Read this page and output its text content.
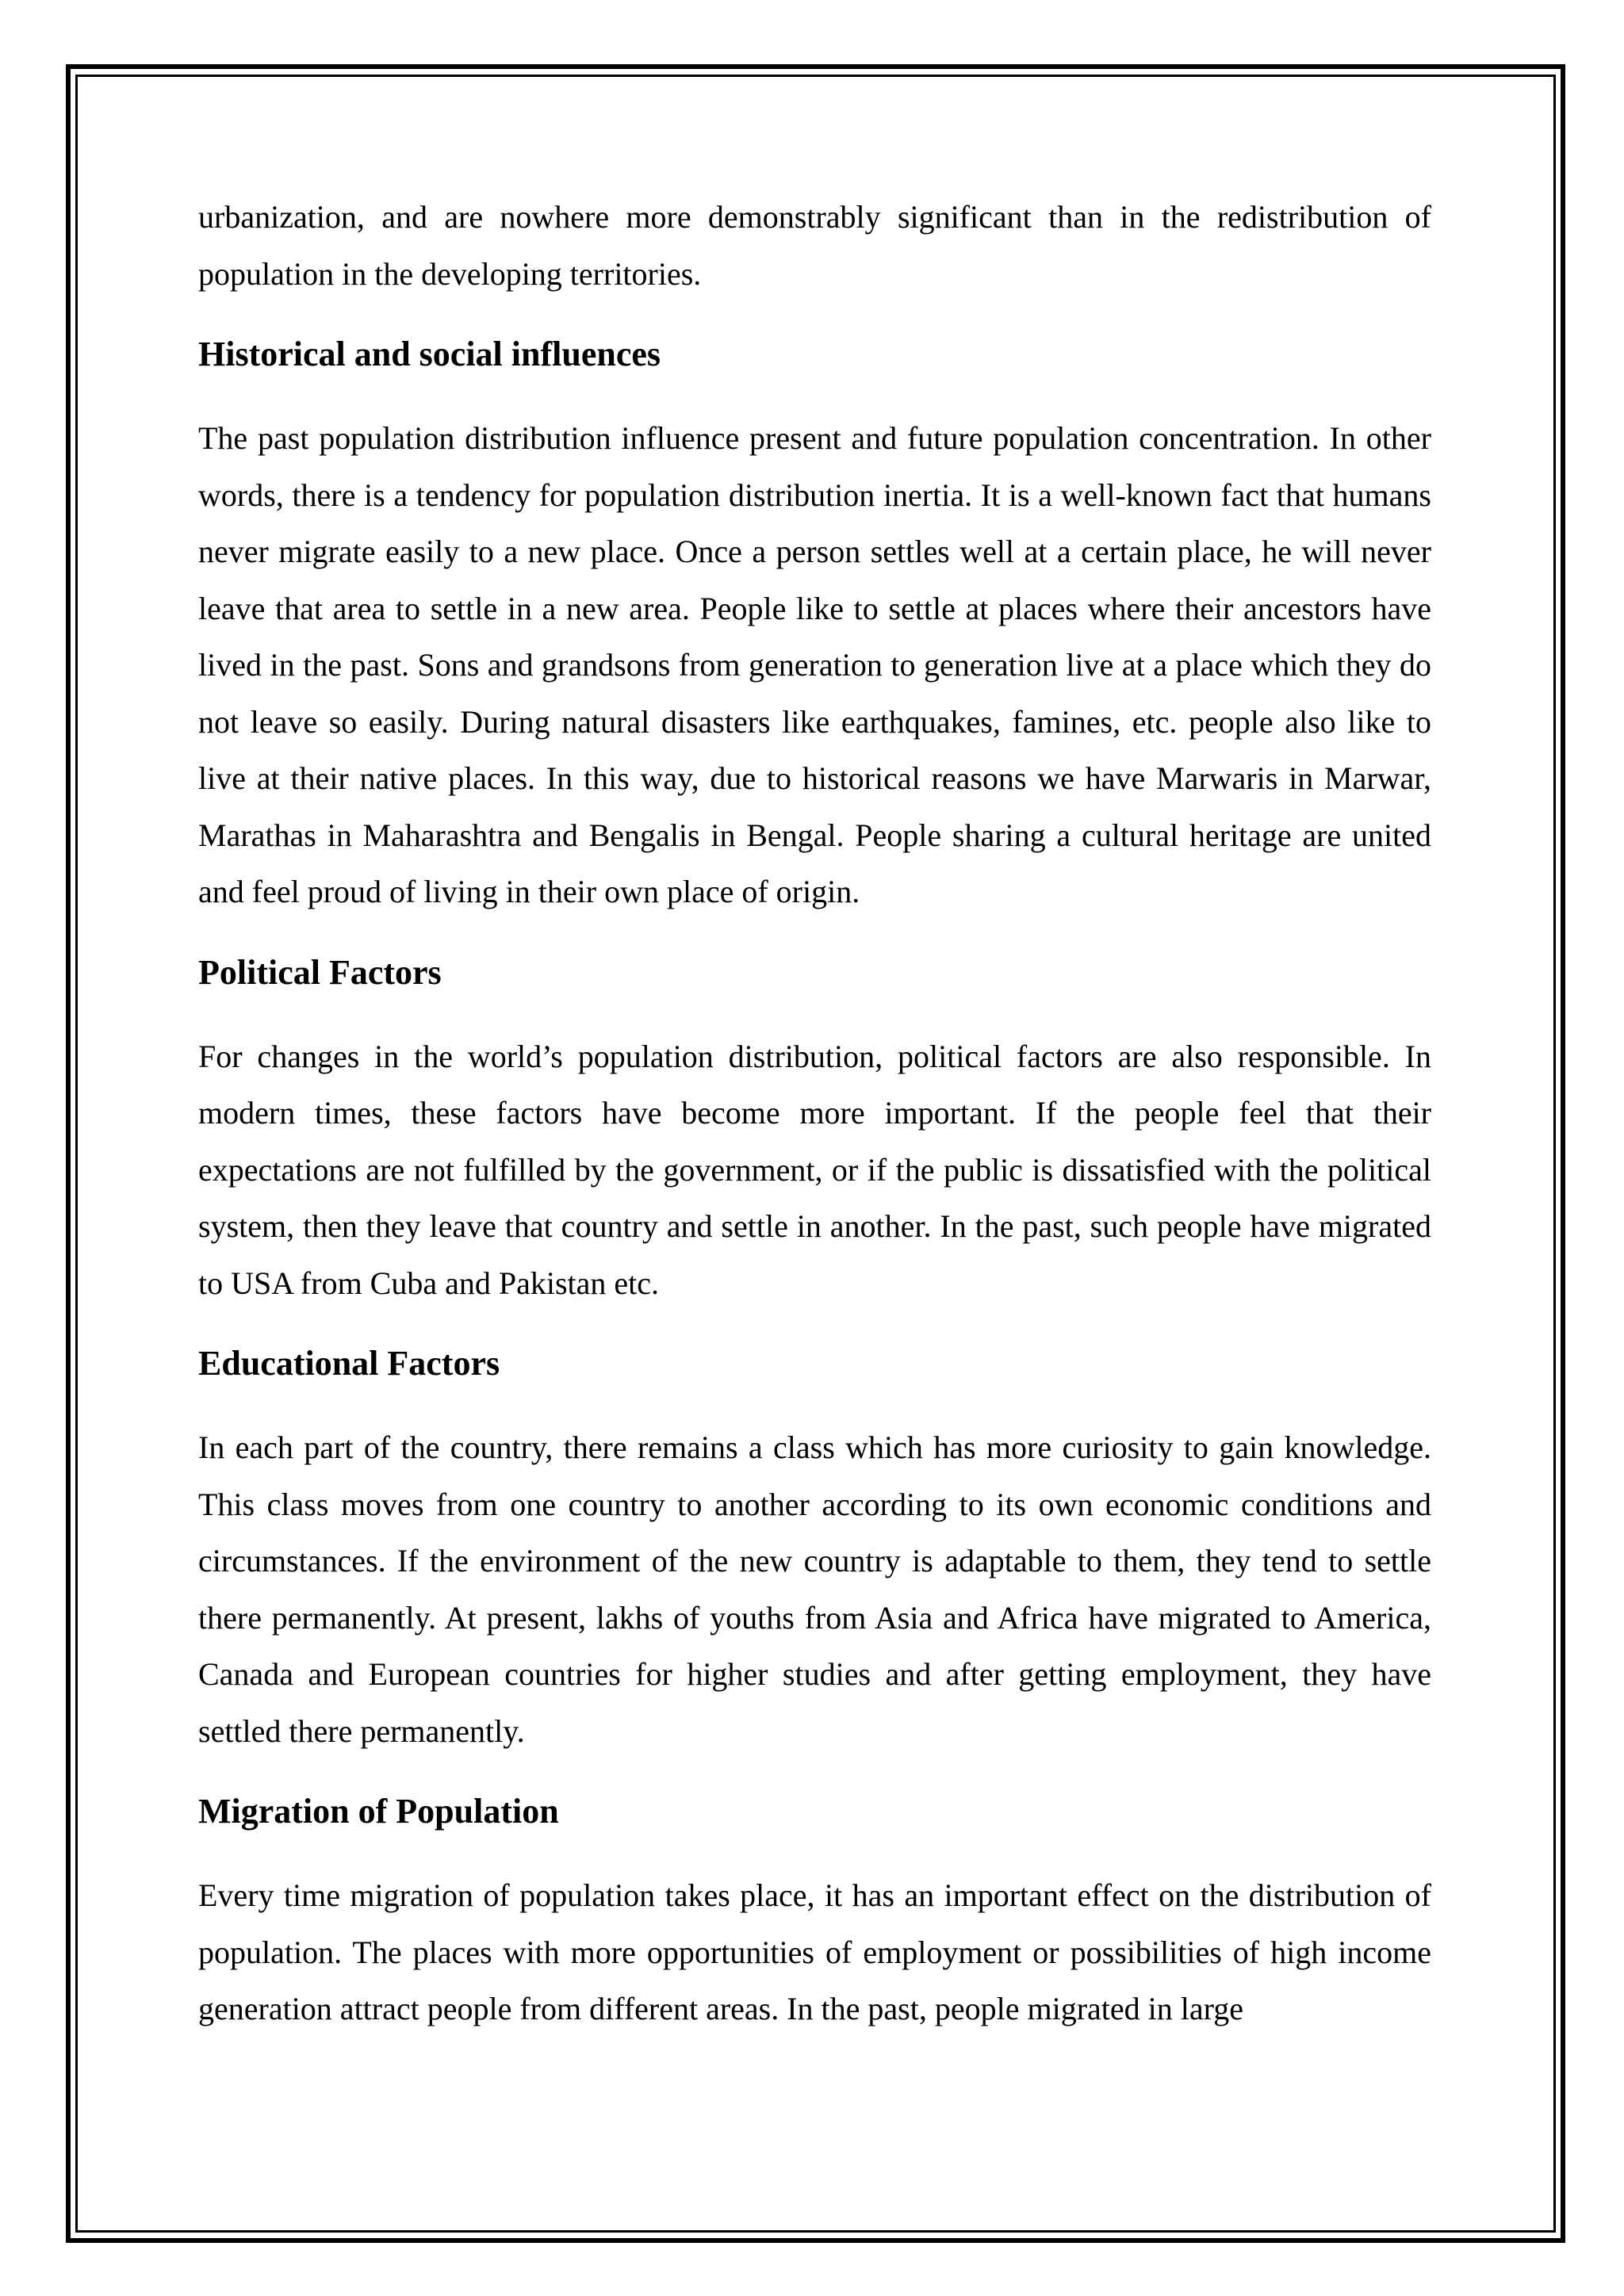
urbanization, and are nowhere more demonstrably significant than in the redistribution of population in the developing territories.

Historical and social influences

The past population distribution influence present and future population concentration. In other words, there is a tendency for population distribution inertia. It is a well-known fact that humans never migrate easily to a new place. Once a person settles well at a certain place, he will never leave that area to settle in a new area. People like to settle at places where their ancestors have lived in the past. Sons and grandsons from generation to generation live at a place which they do not leave so easily. During natural disasters like earthquakes, famines, etc. people also like to live at their native places. In this way, due to historical reasons we have Marwaris in Marwar, Marathas in Maharashtra and Bengalis in Bengal. People sharing a cultural heritage are united and feel proud of living in their own place of origin.

Political Factors

For changes in the world’s population distribution, political factors are also responsible. In modern times, these factors have become more important. If the people feel that their expectations are not fulfilled by the government, or if the public is dissatisfied with the political system, then they leave that country and settle in another. In the past, such people have migrated to USA from Cuba and Pakistan etc.

Educational Factors

In each part of the country, there remains a class which has more curiosity to gain knowledge. This class moves from one country to another according to its own economic conditions and circumstances. If the environment of the new country is adaptable to them, they tend to settle there permanently. At present, lakhs of youths from Asia and Africa have migrated to America, Canada and European countries for higher studies and after getting employment, they have settled there permanently.

Migration of Population

Every time migration of population takes place, it has an important effect on the distribution of population. The places with more opportunities of employment or possibilities of high income generation attract people from different areas. In the past, people migrated in large
